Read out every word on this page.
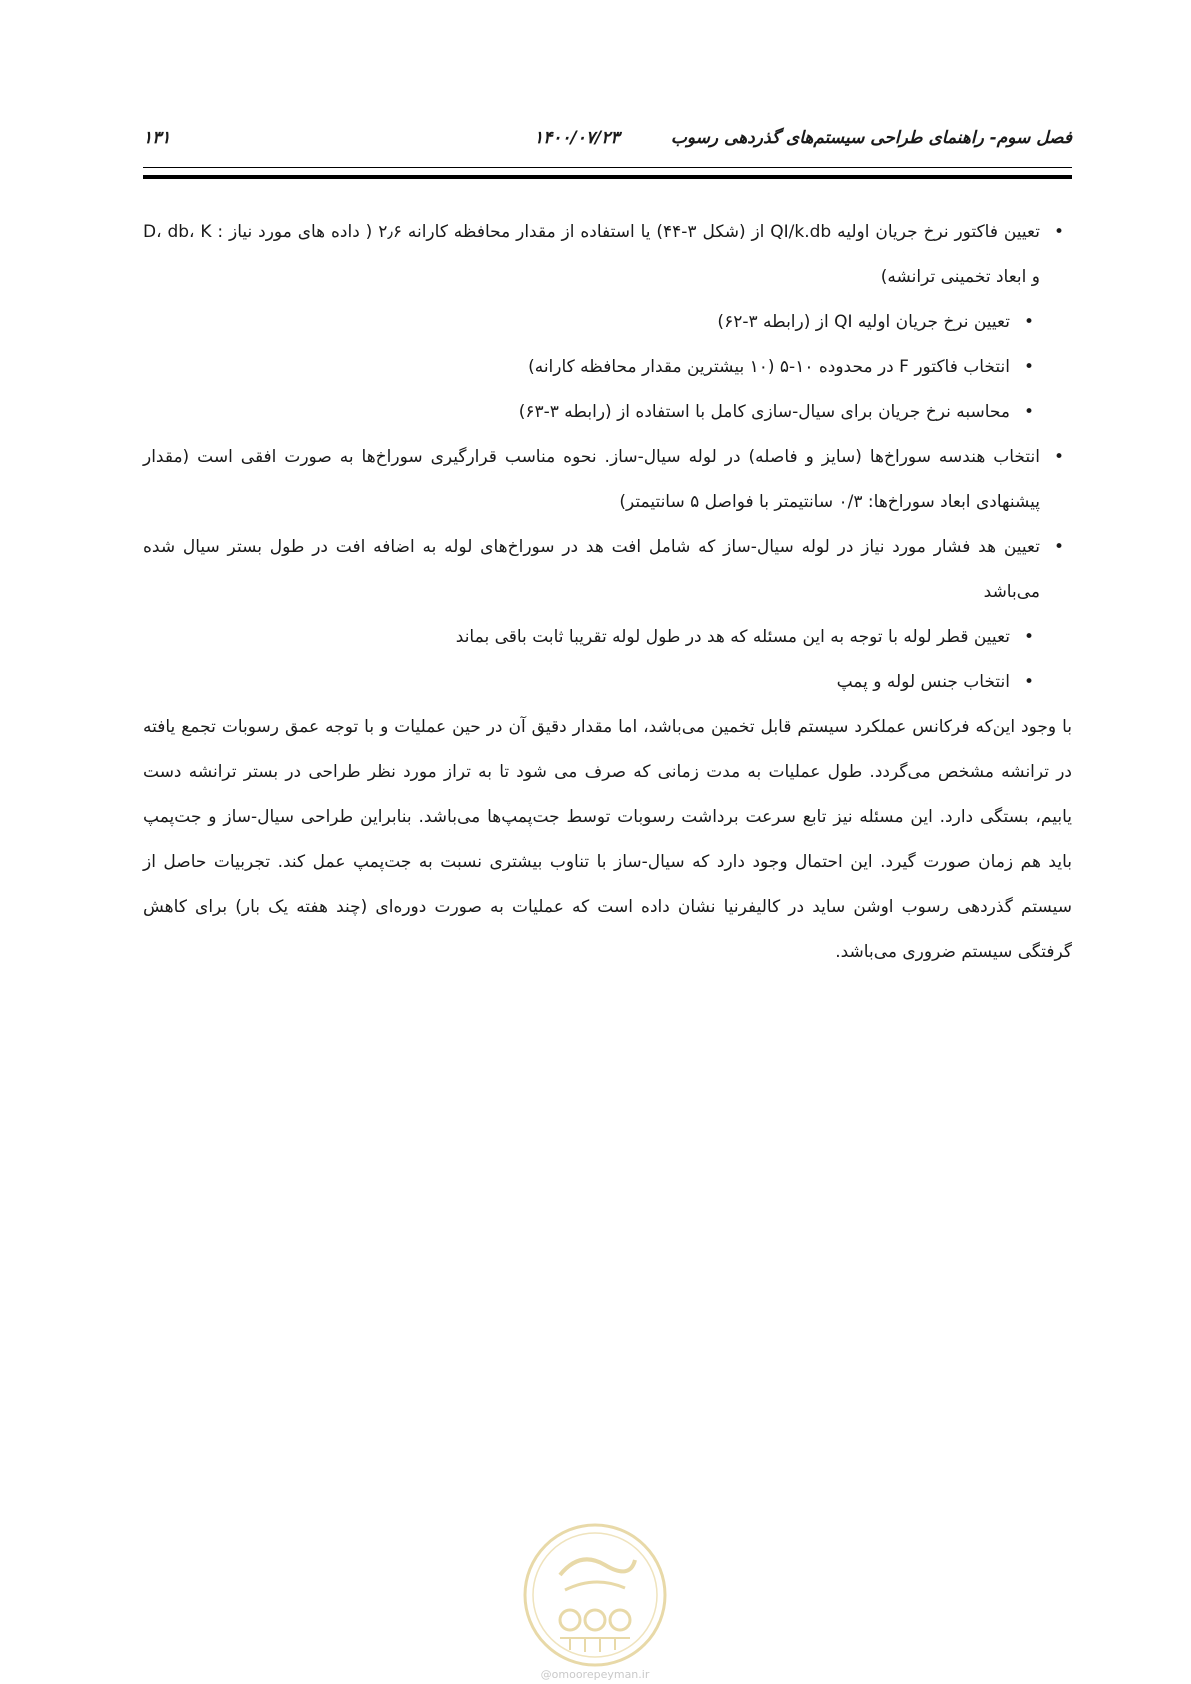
فصل سوم- راهنمای طراحی سیستم‌های گذردهی رسوب
۱۴۰۰/۰۷/۲۳
۱۳۱
• تعیین فاکتور نرخ جریان اولیه QI/k.db از (شکل ۳-۴۴) یا استفاده از مقدار محافظه کارانه ۲٫۶ ( داده های مورد نیاز : D، db، K و ابعاد تخمینی ترانشه)
• تعیین نرخ جریان اولیه QI از (رابطه ۳-۶۲)
• انتخاب فاکتور F در محدوده ۱۰-۵ (۱۰ بیشترین مقدار محافظه کارانه)
• محاسبه نرخ جریان برای سیال-سازی کامل با استفاده از (رابطه ۳-۶۳)
• انتخاب هندسه سوراخ‌ها (سایز و فاصله) در لوله سیال-ساز. نحوه مناسب قرارگیری سوراخ‌ها به صورت افقی است (مقدار پیشنهادی ابعاد سوراخ‌ها: ۰/۳ سانتیمتر با فواصل ۵ سانتیمتر)
• تعیین هد فشار مورد نیاز در لوله سیال-ساز که شامل افت هد در سوراخ‌های لوله به اضافه افت در طول بستر سیال شده می‌باشد
• تعیین قطر لوله با توجه به این مسئله که هد در طول لوله تقریبا ثابت باقی بماند
• انتخاب جنس لوله و پمپ

با وجود این‌که فرکانس عملکرد سیستم قابل تخمین می‌باشد، اما مقدار دقیق آن در حین عملیات و با توجه عمق رسوبات تجمع یافته در ترانشه مشخص می‌گردد. طول عملیات به مدت زمانی که صرف می شود تا به تراز مورد نظر طراحی در بستر ترانشه دست یابیم، بستگی دارد. این مسئله نیز تابع سرعت برداشت رسوبات توسط جت‌پمپ‌ها می‌باشد. بنابراین طراحی سیال-ساز و جت‌پمپ باید هم زمان صورت گیرد. این احتمال وجود دارد که سیال-ساز با تناوب بیشتری نسبت به جت‌پمپ عمل کند. تجربیات حاصل از سیستم گذردهی رسوب اوشن ساید در کالیفرنیا نشان داده است که عملیات به صورت دوره‌ای (چند هفته یک بار) برای کاهش گرفتگی سیستم ضروری می‌باشد.

@omoorepeyman.ir
